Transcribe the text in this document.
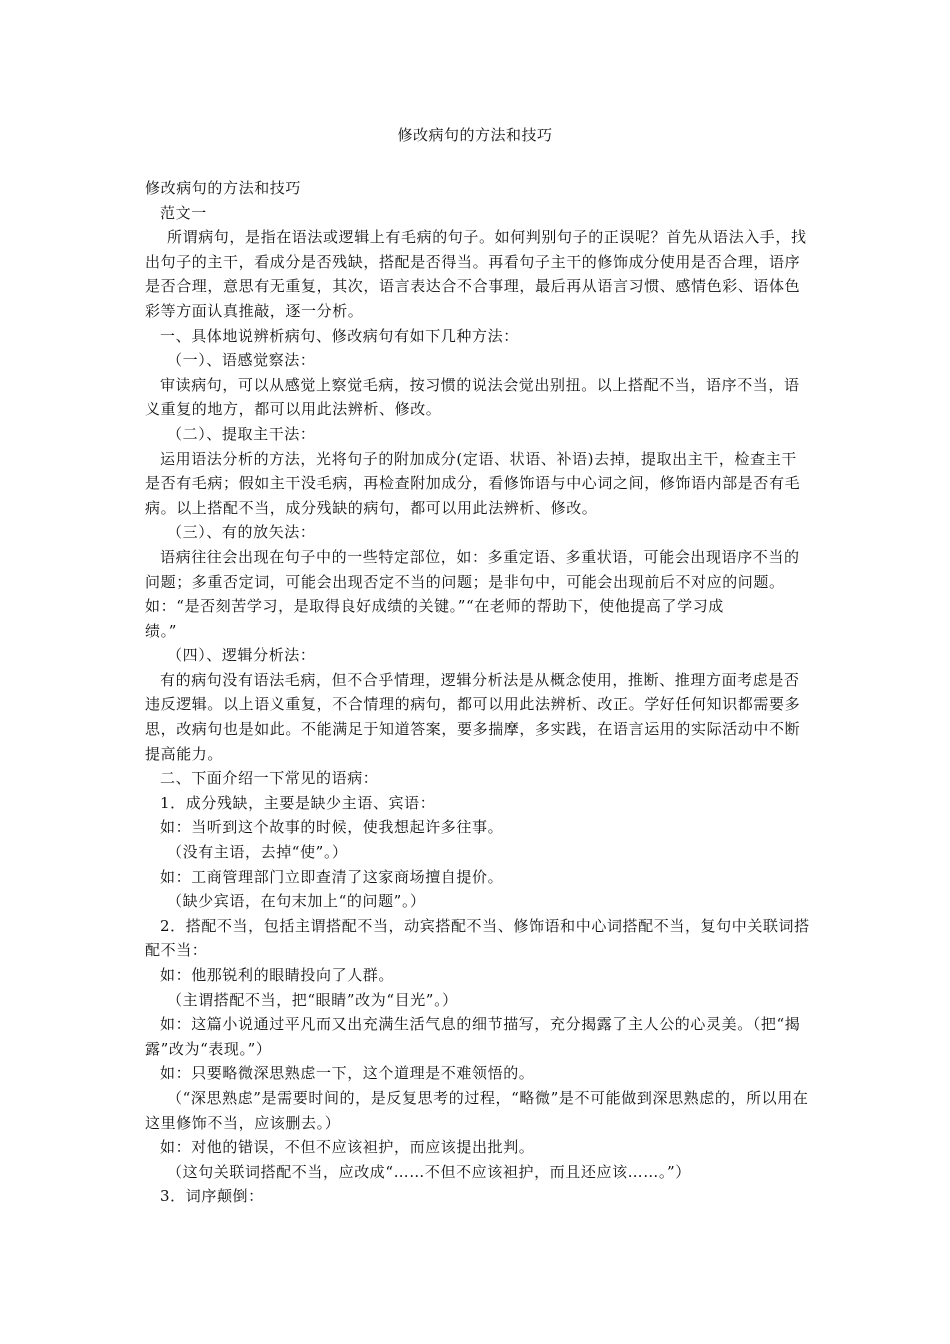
修改病句的方法和技巧

修改病句的方法和技巧

范文一

所谓病句，是指在语法或逻辑上有毛病的句子。如何判别句子的正误呢？首先从语法入手，找出句子的主干，看成分是否残缺，搭配是否得当。再看句子主干的修饰成分使用是否合理，语序是否合理，意思有无重复，其次，语言表达合不合事理，最后再从语言习惯、感情色彩、语体色彩等方面认真推敲，逐一分析。

一、具体地说辨析病句、修改病句有如下几种方法：

（一）、语感觉察法：

审读病句，可以从感觉上察觉毛病，按习惯的说法会觉出别扭。以上搭配不当，语序不当，语义重复的地方，都可以用此法辨析、修改。

（二）、提取主干法：

运用语法分析的方法，光将句子的附加成分(定语、状语、补语)去掉，提取出主干，检查主干是否有毛病；假如主干没毛病，再检查附加成分，看修饰语与中心词之间，修饰语内部是否有毛病。以上搭配不当，成分残缺的病句，都可以用此法辨析、修改。

（三）、有的放矢法：

语病往往会出现在句子中的一些特定部位，如：多重定语、多重状语，可能会出现语序不当的问题；多重否定词，可能会出现否定不当的问题；是非句中，可能会出现前后不对应的问题。如：“是否刻苦学习，是取得良好成绩的关键。”“在老师的帮助下，使他提高了学习成

绩。”

（四）、逻辑分析法：

有的病句没有语法毛病，但不合乎情理，逻辑分析法是从概念使用，推断、推理方面考虑是否违反逻辑。以上语义重复，不合情理的病句，都可以用此法辨析、改正。学好任何知识都需要多思，改病句也是如此。不能满足于知道答案，要多揣摩，多实践，在语言运用的实际活动中不断提高能力。

二、下面介绍一下常见的语病：

1．成分残缺，主要是缺少主语、宾语：

如：当听到这个故事的时候，使我想起许多往事。

（没有主语，去掉“使”。）

如：工商管理部门立即查清了这家商场擅自提价。

（缺少宾语，在句末加上“的问题”。）

2．搭配不当，包括主谓搭配不当，动宾搭配不当、修饰语和中心词搭配不当，复句中关联词搭配不当：

如：他那锐利的眼睛投向了人群。

（主谓搭配不当，把“眼睛”改为“目光”。）

如：这篇小说通过平凡而又出充满生活气息的细节描写，充分揭露了主人公的心灵美。（把“揭露”改为“表现。”）

如：只要略微深思熟虑一下，这个道理是不难领悟的。

（“深思熟虑”是需要时间的，是反复思考的过程，“略微”是不可能做到深思熟虑的，所以用在这里修饰不当，应该删去。）

如：对他的错误，不但不应该袒护，而应该提出批判。

（这句关联词搭配不当，应改成“……不但不应该袒护，而且还应该……。”）

3．词序颠倒：
